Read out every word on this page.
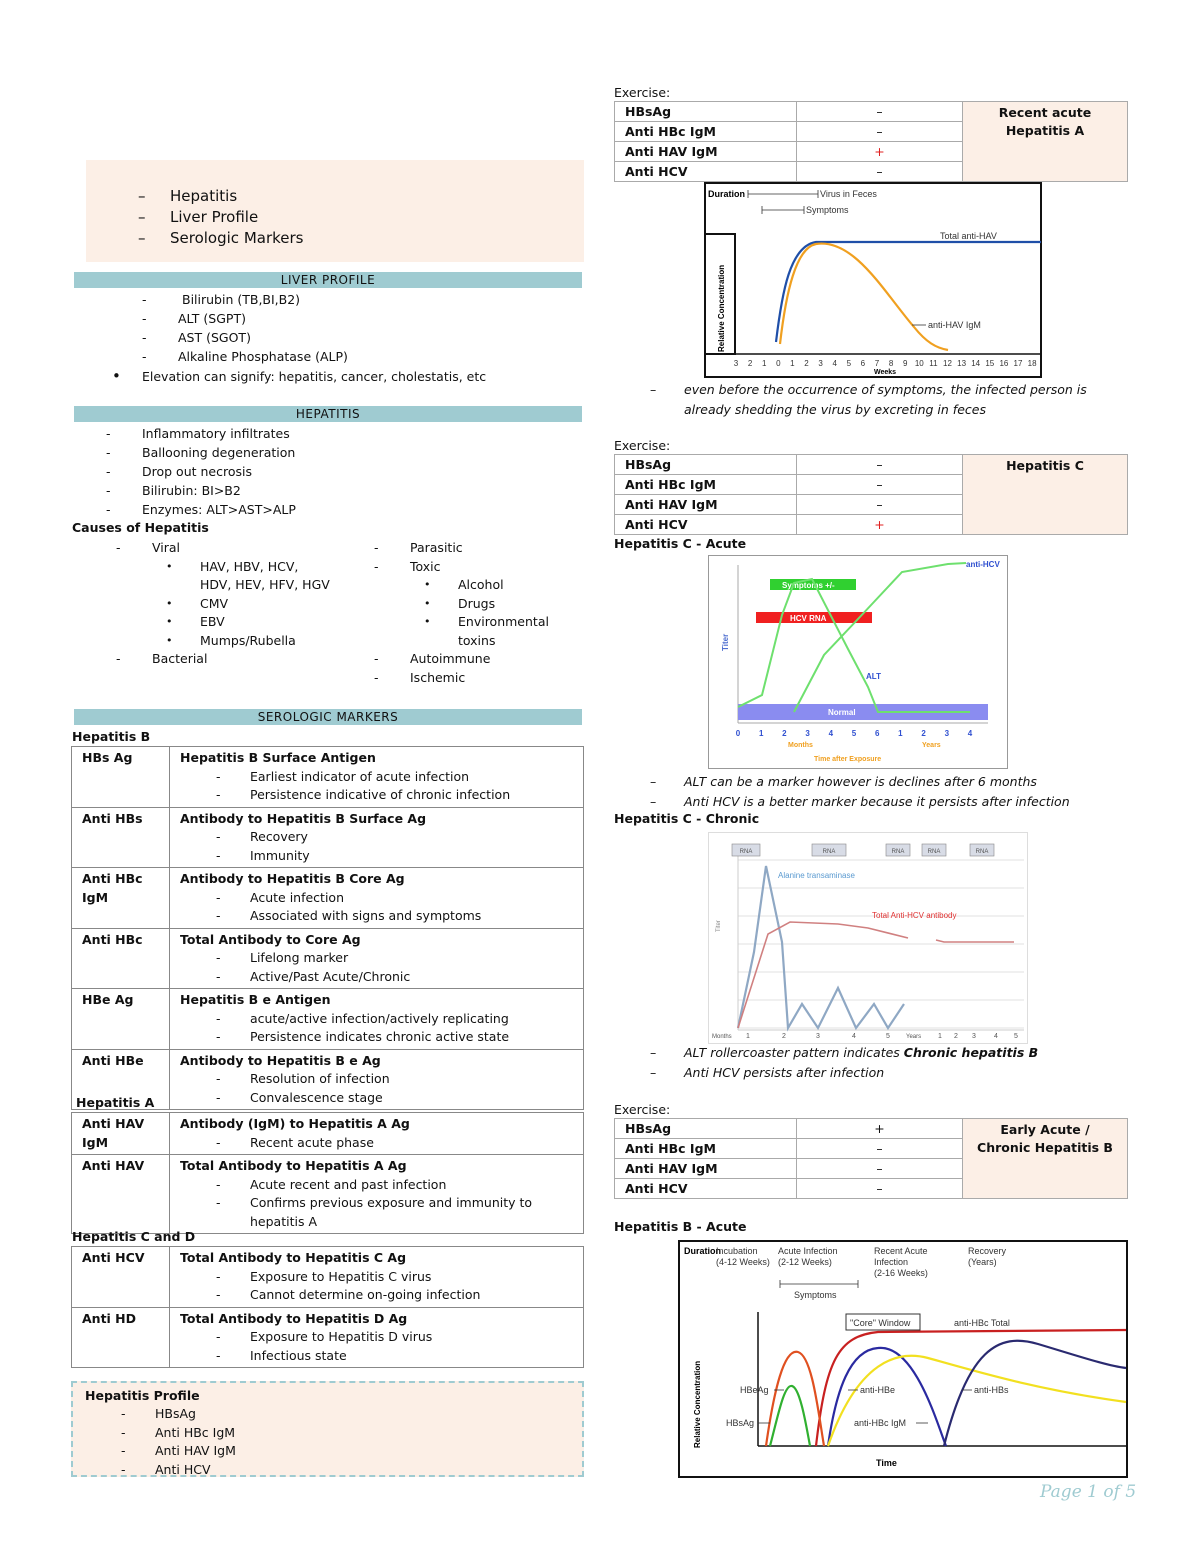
– Hepatitis
– Liver Profile
– Serologic Markers
LIVER PROFILE
- Bilirubin (TB,BI,B2)
- ALT (SGPT)
- AST (SGOT)
- Alkaline Phosphatase (ALP)
• Elevation can signify: hepatitis, cancer, cholestatis, etc
HEPATITIS
- Inflammatory infiltrates
- Ballooning degeneration
- Drop out necrosis
- Bilirubin: BI>B2
- Enzymes: ALT>AST>ALP
Causes of Hepatitis
- Viral
• HAV, HBV, HCV, HDV, HEV, HFV, HGV
• CMV
• EBV
• Mumps/Rubella
- Bacterial
- Parasitic
- Toxic
• Alcohol
• Drugs
• Environmental toxins
- Autoimmune
- Ischemic
SEROLOGIC MARKERS
Hepatitis B
HBs Ag	Hepatitis B Surface Antigen
- Earliest indicator of acute infection
- Persistence indicative of chronic infection

Anti HBs	Antibody to Hepatitis B Surface Ag
- Recovery
- Immunity

Anti HBc IgM	Antibody to Hepatitis B Core Ag
- Acute infection
- Associated with signs and symptoms

Anti HBc	Total Antibody to Core Ag
- Lifelong marker
- Active/Past Acute/Chronic

HBe Ag	Hepatitis B e Antigen
- acute/active infection/actively replicating
- Persistence indicates chronic active state

Anti HBe	Antibody to Hepatitis B e Ag
- Resolution of infection
- Convalescence stage
Hepatitis A
Anti HAV IgM	Antibody (IgM) to Hepatitis A Ag
- Recent acute phase

Anti HAV	Total Antibody to Hepatitis A Ag
- Acute recent and past infection
- Confirms previous exposure and immunity to hepatitis A
Hepatitis C and D
Anti HCV	Total Antibody to Hepatitis C Ag
- Exposure to Hepatitis C virus
- Cannot determine on-going infection

Anti HD	Total Antibody to Hepatitis D Ag
- Exposure to Hepatitis D virus
- Infectious state
Hepatitis Profile
- HBsAg
- Anti HBc IgM
- Anti HAV IgM
- Anti HCV
Exercise:
HBsAg	–	Recent acute Hepatitis A
Anti HBc IgM	–	
Anti HAV IgM	+	
Anti HCV	–	
Duration	Virus in Feces
Symptoms
Relative Concentration
Total anti-HAV
anti-HAV IgM
3 2 1 0 1 2 3 4 5 6 7 8 9 10 11 12 13 14 15 16 17 18
Weeks
– even before the occurrence of symptoms, the infected person is already shedding the virus by excreting in feces
Exercise:
HBsAg	–	Hepatitis C
Anti HBc IgM	–	
Anti HAV IgM	–	
Anti HCV	+	
Hepatitis C - Acute
Titer
Normal
Symptoms +/-
HCV RNA
anti-HCV
ALT
0 1 2 3 4 5 6 1 2 3 4
Months	Years
Time after Exposure
– ALT can be a marker however is declines after 6 months
– Anti HCV is a better marker because it persists after infection
Hepatitis C - Chronic
Titer
RNA	RNA	RNA	RNA	RNA
Alanine transaminase
Total Anti-HCV antibody
1	2	3	4	5	1 2 3	4 5
Months	Years
– ALT rollercoaster pattern indicates Chronic hepatitis B
– Anti HCV persists after infection
Exercise:
HBsAg	+	Early Acute / Chronic Hepatitis B
Anti HBc IgM	–	
Anti HAV IgM	–	
Anti HCV	–	
Hepatitis B - Acute
Duration
Incubation (4-12 Weeks)
Acute Infection (2-12 Weeks)
Recent Acute Infection (2-16 Weeks)
Recovery (Years)
Symptoms
Relative Concentration
Time
"Core" Window	anti-HBc Total
HBeAg
HBsAg
anti-HBe	anti-HBs
anti-HBc IgM
Page 1 of 5
